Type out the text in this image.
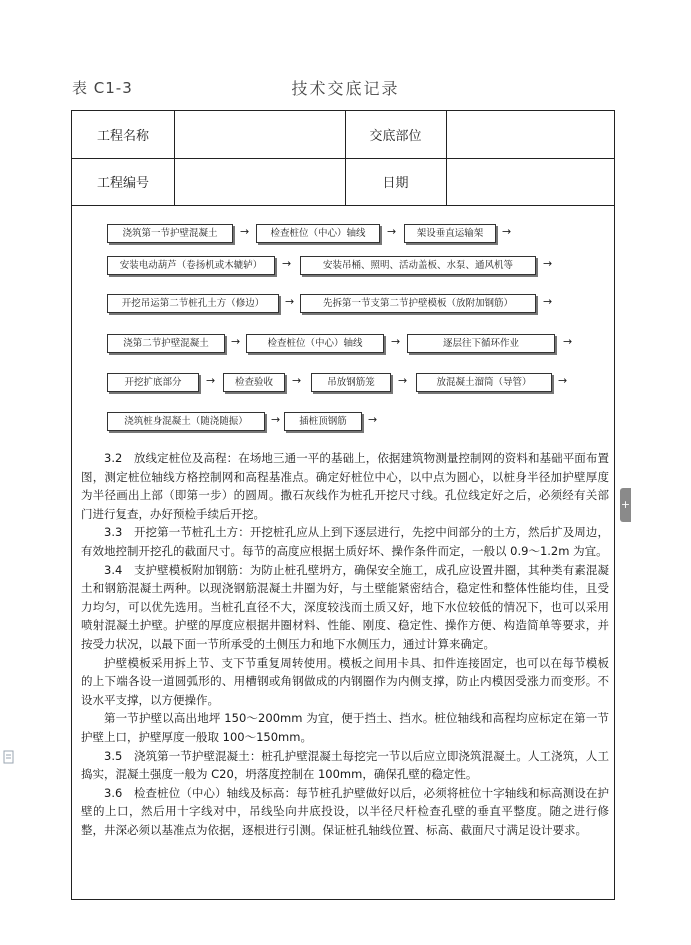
表 C1-3	技术交底记录
工程名称	交底部位
工程编号	日期
浇筑第一节护壁混凝土	→	检查桩位（中心）轴线	→	架设垂直运输架	→
安装电动葫芦（卷扬机或木辘轳）	→	安装吊桶、照明、活动盖板、水泵、通风机等	→
开挖吊运第二节桩孔土方（修边）	→	先拆第一节支第二节护壁模板（放附加钢筋）	→
浇第二节护壁混凝土	→	检查桩位（中心）轴线	→	逐层往下循环作业	→
开挖扩底部分	→	检查验收	→	吊放钢筋笼	→	放混凝土溜筒（导管）	→
浇筑桩身混凝土（随浇随振）	→	插桩顶钢筋	→

3.2　放线定桩位及高程：在场地三通一平的基础上，依据建筑物测量控制网的资料和基础平面布置图，测定桩位轴线方格控制网和高程基准点。确定好桩位中心，以中点为圆心，以桩身半径加护壁厚度为半径画出上部（即第一步）的圆周。撒石灰线作为桩孔开挖尺寸线。孔位线定好之后，必须经有关部门进行复查，办好预检手续后开挖。

3.3　开挖第一节桩孔土方：开挖桩孔应从上到下逐层进行，先挖中间部分的土方，然后扩及周边，有效地控制开挖孔的截面尺寸。每节的高度应根据土质好坏、操作条件而定，一般以 0.9～1.2m 为宜。

3.4　支护壁模板附加钢筋：为防止桩孔壁坍方，确保安全施工，成孔应设置井圈，其种类有素混凝土和钢筋混凝土两种。以现浇钢筋混凝土井圈为好，与土壁能紧密结合，稳定性和整体性能均佳，且受力均匀，可以优先选用。当桩孔直径不大，深度较浅而土质又好，地下水位较低的情况下，也可以采用喷射混凝土护壁。护壁的厚度应根据井圈材料、性能、刚度、稳定性、操作方便、构造简单等要求，并按受力状况，以最下面一节所承受的土侧压力和地下水侧压力，通过计算来确定。

护壁模板采用拆上节、支下节重复周转使用。模板之间用卡具、扣件连接固定，也可以在每节模板的上下端各设一道圆弧形的、用槽钢或角钢做成的内钢圈作为内侧支撑，防止内模因受涨力而变形。不设水平支撑，以方便操作。

第一节护壁以高出地坪 150～200mm 为宜，便于挡土、挡水。桩位轴线和高程均应标定在第一节护壁上口，护壁厚度一般取 100～150mm。

3.5　浇筑第一节护壁混凝土：桩孔护壁混凝土每挖完一节以后应立即浇筑混凝土。人工浇筑，人工捣实，混凝土强度一般为 C20，坍落度控制在 100mm，确保孔壁的稳定性。

3.6　检查桩位（中心）轴线及标高：每节桩孔护壁做好以后，必须将桩位十字轴线和标高测设在护壁的上口，然后用十字线对中，吊线坠向井底投设，以半径尺杆检查孔壁的垂直平整度。随之进行修整，井深必须以基准点为依据，逐根进行引测。保证桩孔轴线位置、标高、截面尺寸满足设计要求。

+
